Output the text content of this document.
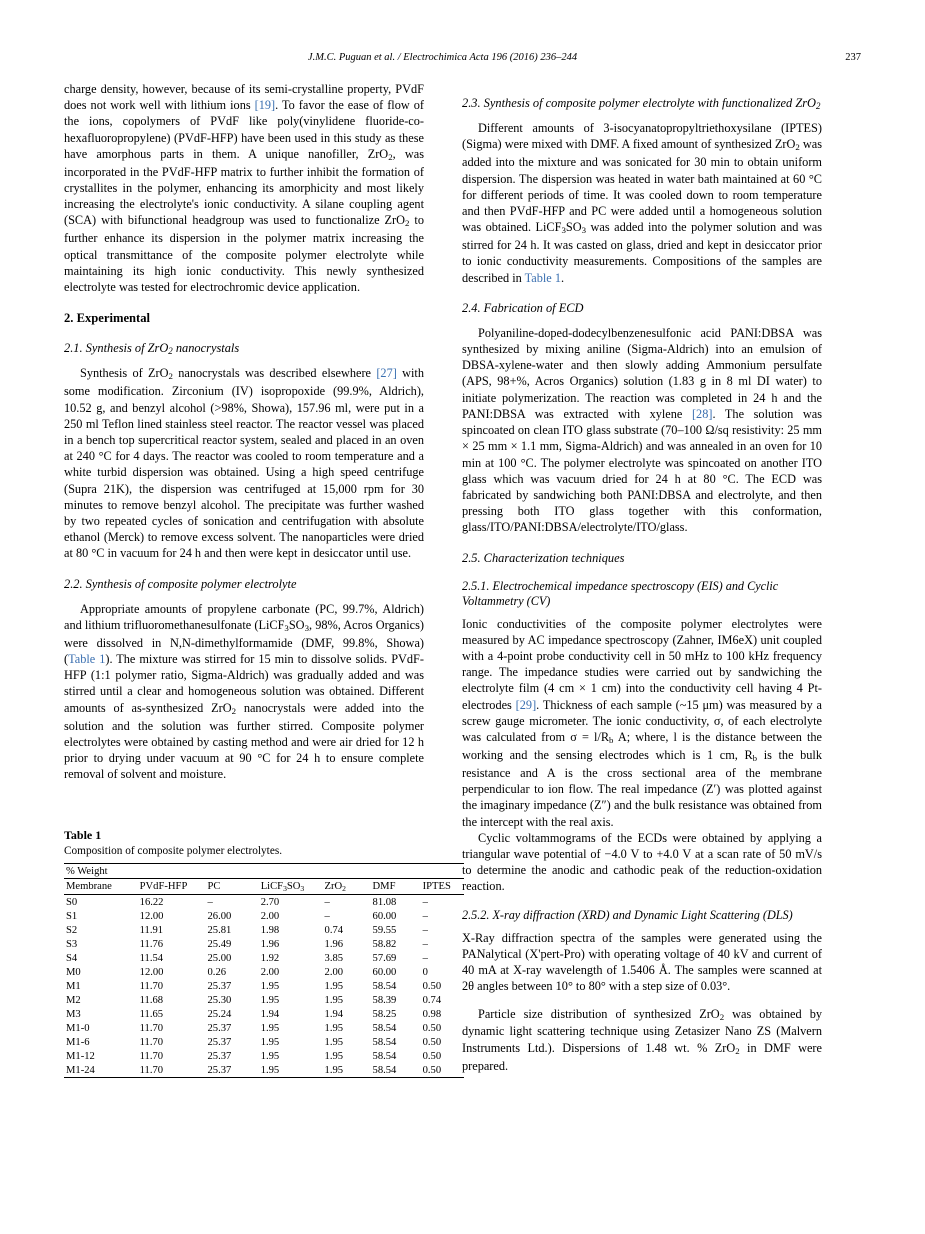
J.M.C. Puguan et al. / Electrochimica Acta 196 (2016) 236–244	237

charge density, however, because of its semi-crystalline property, PVdF does not work well with lithium ions [19]. To favor the ease of flow of the ions, copolymers of PVdF like poly(vinylidene fluoride-co-hexafluoropropylene) (PVdF-HFP) have been used in this study as these have amorphous parts in them. A unique nanofiller, ZrO$_2$, was incorporated in the PVdF-HFP matrix to further inhibit the formation of crystallites in the polymer, enhancing its amorphicity and most likely increasing the electrolyte's ionic conductivity. A silane coupling agent (SCA) with bifunctional headgroup was used to functionalize ZrO$_2$ to further enhance its dispersion in the polymer matrix increasing the optical transmittance of the composite polymer electrolyte while maintaining its high ionic conductivity. This newly synthesized electrolyte was tested for electrochromic device application.

2. Experimental
2.1. Synthesis of ZrO$_2$ nanocrystals

Synthesis of ZrO$_2$ nanocrystals was described elsewhere [27] with some modification. Zirconium (IV) isopropoxide (99.9%, Aldrich), 10.52 g, and benzyl alcohol (>98%, Showa), 157.96 ml, were put in a 250 ml Teflon lined stainless steel reactor. The reactor vessel was placed in a bench top supercritical reactor system, sealed and placed in an oven at 240 °C for 4 days. The reactor was cooled to room temperature and a white turbid dispersion was obtained. Using a high speed centrifuge (Supra 21K), the dispersion was centrifuged at 15,000 rpm for 30 minutes to remove benzyl alcohol. The precipitate was further washed by two repeated cycles of sonication and centrifugation with absolute ethanol (Merck) to remove excess solvent. The nanoparticles were dried at 80 °C in vacuum for 24 h and then were kept in desiccator until use.

2.2. Synthesis of composite polymer electrolyte

Appropriate amounts of propylene carbonate (PC, 99.7%, Aldrich) and lithium trifluoromethanesulfonate ($LiCF_3SO_3$, 98%, Acros Organics) were dissolved in N,N-dimethylformamide (DMF, 99.8%, Showa) (Table 1). The mixture was stirred for 15 min to dissolve solids. PVdF-HFP (1:1 polymer ratio, Sigma-Aldrich) was gradually added and was stirred until a clear and homogeneous solution was obtained. Different amounts of as-synthesized ZrO$_2$ nanocrystals were added into the solution and the solution was further stirred. Composite polymer electrolytes were obtained by casting method and were air dried for 12 h prior to drying under vacuum at 90 °C for 24 h to ensure complete removal of solvent and moisture.

Table 1
Composition of composite polymer electrolytes.
% Weight						
Membrane	PVdF-HFP	PC	$LiCF_3SO_3$	ZrO$_2$	DMF	IPTES
S0	16.22	–	2.70	–	81.08	–
S1	12.00	26.00	2.00	–	60.00	–
S2	11.91	25.81	1.98	0.74	59.55	–
S3	11.76	25.49	1.96	1.96	58.82	–
S4	11.54	25.00	1.92	3.85	57.69	–
M0	12.00	0.26	2.00	2.00	60.00	0
M1	11.70	25.37	1.95	1.95	58.54	0.50
M2	11.68	25.30	1.95	1.95	58.39	0.74
M3	11.65	25.24	1.94	1.94	58.25	0.98
M1-0	11.70	25.37	1.95	1.95	58.54	0.50
M1-6	11.70	25.37	1.95	1.95	58.54	0.50
M1-12	11.70	25.37	1.95	1.95	58.54	0.50
M1-24	11.70	25.37	1.95	1.95	58.54	0.50
2.3. Synthesis of composite polymer electrolyte with functionalized ZrO$_2$

Different amounts of 3-isocyanatopropyltriethoxysilane (IPTES) (Sigma) were mixed with DMF. A fixed amount of synthesized ZrO$_2$ was added into the mixture and was sonicated for 30 min to obtain uniform dispersion. The dispersion was heated in water bath maintained at 60 °C for different periods of time. It was cooled down to room temperature and then PVdF-HFP and PC were added until a homogeneous solution was obtained. $LiCF_3SO_3$ was added into the polymer solution and was stirred for 24 h. It was casted on glass, dried and kept in desiccator prior to ionic conductivity measurements. Compositions of the samples are described in Table 1.

2.4. Fabrication of ECD

Polyaniline-doped-dodecylbenzenesulfonic acid PANI:DBSA was synthesized by mixing aniline (Sigma-Aldrich) into an emulsion of DBSA-xylene-water and then slowly adding Ammonium persulfate (APS, 98+%, Acros Organics) solution (1.83 g in 8 ml DI water) to initiate polymerization. The reaction was completed in 24 h and the PANI:DBSA was extracted with xylene [28]. The solution was spincoated on clean ITO glass substrate (70–100 Ω/sq resistivity: 25 mm × 25 mm × 1.1 mm, Sigma-Aldrich) and was annealed in an oven for 10 min at 100 °C. The polymer electrolyte was spincoated on another ITO glass which was vacuum dried for 24 h at 80 °C. The ECD was fabricated by sandwiching both PANI:DBSA and electrolyte, and then pressing both ITO glass together with this conformation, glass/ITO/PANI:DBSA/electrolyte/ITO/glass.

2.5. Characterization techniques
2.5.1. Electrochemical impedance spectroscopy (EIS) and Cyclic Voltammetry (CV)

Ionic conductivities of the composite polymer electrolytes were measured by AC impedance spectroscopy (Zahner, IM6eX) unit coupled with a 4-point probe conductivity cell in 50 mHz to 100 kHz frequency range. The impedance studies were carried out by sandwiching the electrolyte film (4 cm × 1 cm) into the conductivity cell having 4 Pt-electrodes [29]. Thickness of each sample (~15 μm) was measured by a screw gauge micrometer. The ionic conductivity, σ, of each electrolyte was calculated from $\sigma = l/R_b$ A; where, l is the distance between the working and the sensing electrodes which is 1 cm, $R_b$ is the bulk resistance and A is the cross sectional area of the membrane perpendicular to ion flow. The real impedance (Z′) was plotted against the imaginary impedance (Z″) and the bulk resistance was obtained from the intercept with the real axis.

Cyclic voltammograms of the ECDs were obtained by applying a triangular wave potential of −4.0 V to +4.0 V at a scan rate of 50 mV/s to determine the anodic and cathodic peak of the reduction-oxidation reaction.

2.5.2. X-ray diffraction (XRD) and Dynamic Light Scattering (DLS)

X-Ray diffraction spectra of the samples were generated using the PANalytical (X'pert-Pro) with operating voltage of 40 kV and current of 40 mA at X-ray wavelength of 1.5406 Å. The samples were scanned at 2θ angles between 10° to 80° with a step size of 0.03°.

Particle size distribution of synthesized ZrO$_2$ was obtained by dynamic light scattering technique using Zetasizer Nano ZS (Malvern Instruments Ltd.). Dispersions of 1.48 wt. % ZrO$_2$ in DMF were prepared.
